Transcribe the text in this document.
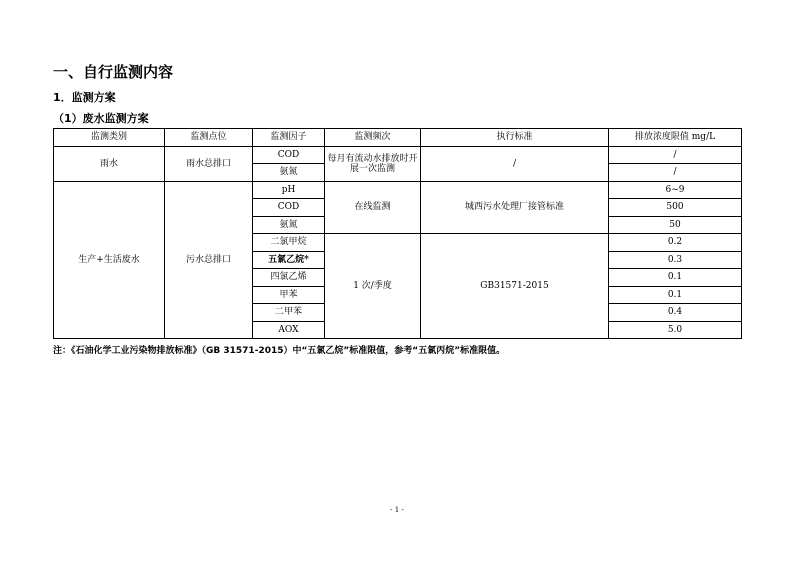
一、自行监测内容
1．监测方案
（1）废水监测方案
监测类别	监测点位	监测因子	监测频次	执行标准	排放浓度限值 mg/L
雨水	雨水总排口	COD	每月有流动水排放时开展一次监测	/	/
		氨氮			/
生产+生活废水	污水总排口	pH	在线监测	城西污水处理厂接管标准	6~9
		COD			500
		氨氮			50
		二氯甲烷	1 次/季度	GB31571-2015	0.2
		五氯乙烷*			0.3
		四氯乙烯			0.1
		甲苯			0.1
		二甲苯			0.4
		AOX			5.0
注：《石油化学工业污染物排放标准》（GB 31571-2015）中“五氯乙烷”标准限值，参考“五氯丙烷”标准限值。
- 1 -
